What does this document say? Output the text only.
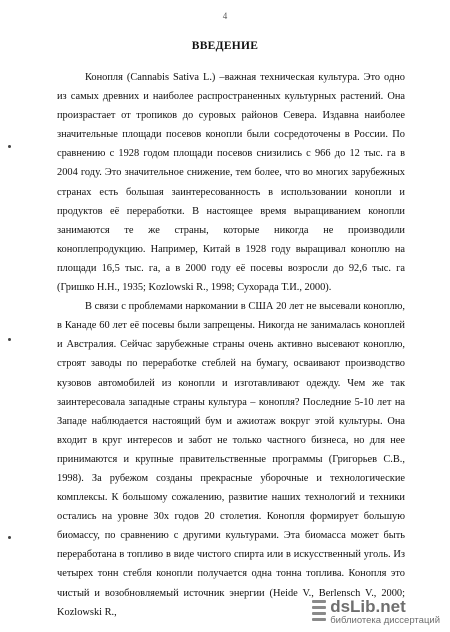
4
ВВЕДЕНИЕ

Конопля (Cannabis Sativa L.) –важная техническая культура. Это одно из самых древних и наиболее распространенных культурных растений. Она произрастает от тропиков до суровых районов Севера. Издавна наиболее значительные площади посевов конопли были сосредоточены в России. По сравнению с 1928 годом площади посевов снизились с 966 до 12 тыс. га в 2004 году. Это значительное снижение, тем более, что во многих зарубежных странах есть большая заинтересованность в использовании конопли и продуктов её переработки. В настоящее время выращиванием конопли занимаются те же страны, которые никогда не производили коноплепродукцию. Например, Китай в 1928 году выращивал коноплю на площади 16,5 тыс. га, а в 2000 году её посевы возросли до 92,6 тыс. га (Гришко Н.Н., 1935; Kozlowski R., 1998; Сухорада Т.И., 2000).

В связи с проблемами наркомании в США 20 лет не высевали коноплю, в Канаде 60 лет её посевы были запрещены. Никогда не занималась коноплей и Австралия. Сейчас зарубежные страны очень активно высевают коноплю, строят заводы по переработке стеблей на бумагу, осваивают производство кузовов автомобилей из конопли и изготавливают одежду. Чем же так заинтересовала западные страны культура – конопля? Последние 5-10 лет на Западе наблюдается настоящий бум и ажиотаж вокруг этой культуры. Она входит в круг интересов и забот не только частного бизнеса, но для нее принимаются и крупные правительственные программы (Григорьев С.В., 1998). За рубежом созданы прекрасные уборочные и технологические комплексы. К большому сожалению, развитие наших технологий и техники остались на уровне 30х годов 20 столетия. Конопля формирует большую биомассу, по сравнению с другими культурами. Эта биомасса может быть переработана в топливо в виде чистого спирта или в искусственный уголь. Из четырех тонн стебля конопли получается одна тонна топлива. Конопля это чистый и возобновляемый источник энергии (Heide V., Berlensch V., 2000; Kozlowski R.,	dsLib.net
библиотека диссертаций
